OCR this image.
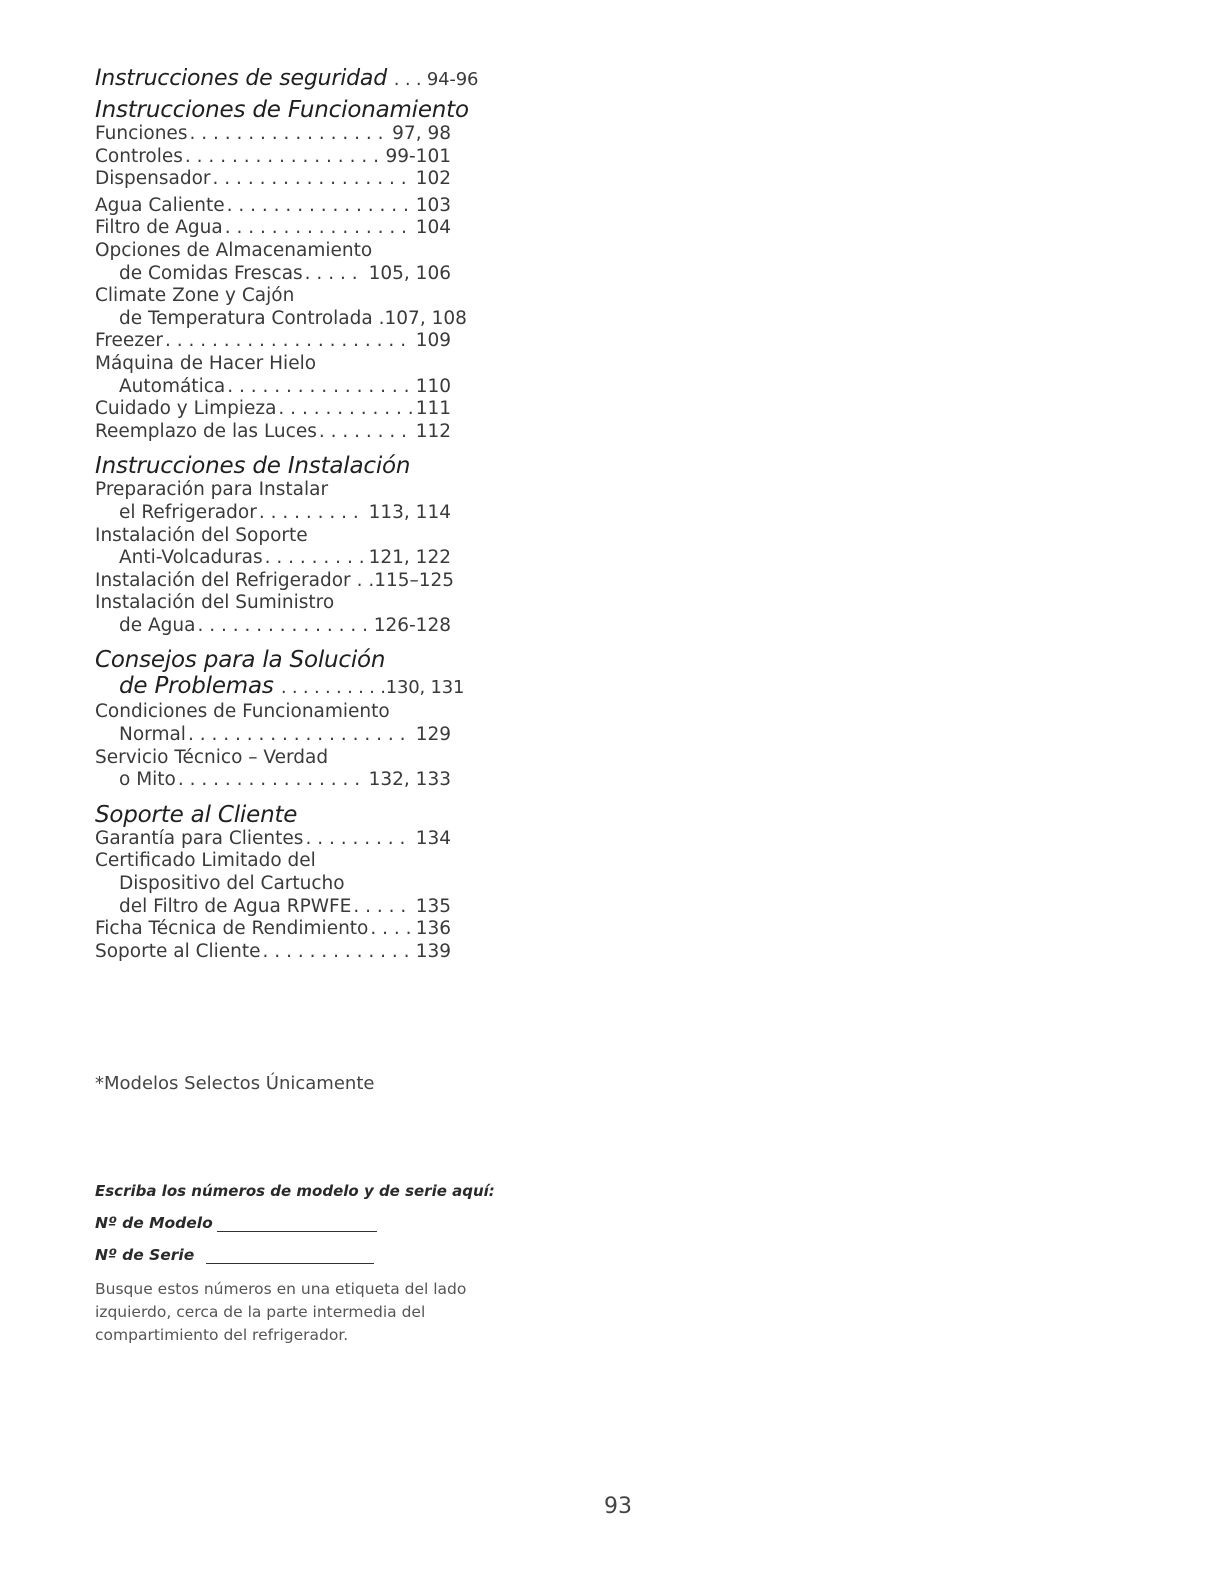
Instrucciones de seguridad . . . 94-96
Instrucciones de Funcionamiento
Funciones . . .	97, 98
Controles . . .	99-101
Dispensador . . .	102
Agua Caliente . . .	103
Filtro de Agua . . .	104
Opciones de Almacenamiento
de Comidas Frescas . . .	105, 106
Climate Zone y Cajón
de Temperatura Controlada .107, 108
Freezer . . .	109
Máquina de Hacer Hielo
Automática . . .	110
Cuidado y Limpieza . . .	111
Reemplazo de las Luces . . .	112
Instrucciones de Instalación
Preparación para Instalar
el Refrigerador . . .	113, 114
Instalación del Soporte
Anti-Volcaduras . . .	121, 122
Instalación del Refrigerador . .115–125
Instalación del Suministro
de Agua . . .	126-128
Consejos para la Solución
de Problemas . . . . . . . . . .130, 131
Condiciones de Funcionamiento
Normal . . .	129
Servicio Técnico – Verdad
o Mito . . .	132, 133
Soporte al Cliente
Garantía para Clientes . . .	134
Certificado Limitado del
Dispositivo del Cartucho
del Filtro de Agua RPWFE . . .	135
Ficha Técnica de Rendimiento . . .	136
Soporte al Cliente . . .	139
*Modelos Selectos Únicamente
Escriba los números de modelo y de serie aquí:
Nº de Modelo
Nº de Serie
Busque estos números en una etiqueta del lado izquierdo, cerca de la parte intermedia del compartimiento del refrigerador.
93
